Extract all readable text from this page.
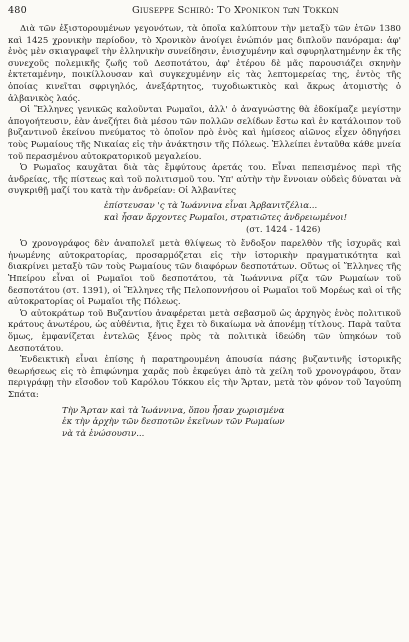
480	Giuseppe Schirò: Τὸ Χρονικὸν τῶν Τόκκων

Διὰ τῶν ἐξιστορουμένων γεγονότων, τὰ ὁποῖα καλύπτουν τὴν μεταξὺ τῶν ἐτῶν 1380 καὶ 1425 χρονικὴν περίοδον, τὸ Χρονικὸν ἀνοίγει ἐνώπιόν μας διπλοῦν πανόραμα: ἀφ' ἑνὸς μὲν σκιαγραφεῖ τὴν ἑλληνικὴν συνείδησιν, ἐνισχυμένην καὶ σφυρηλατημένην ἐκ τῆς συνεχοῦς πολεμικῆς ζωῆς τοῦ Δεσποτάτου, ἀφ' ἑτέρου δὲ μᾶς παρουσιάζει σκηνὴν ἐκτεταμένην, ποικίλλουσαν καὶ συγκεχυμένην εἰς τὰς λεπτομερείας της, ἐντὸς τῆς ὁποίας κινεῖται σφριγηλός, ἀνεξάρτητος, τυχοδιωκτικὸς καὶ ἄκρως ἀτομιστὴς ὁ ἀλβανικὸς λαός.

Οἱ Ἕλληνες γενικῶς καλοῦνται Ρωμαῖοι, ἀλλ' ὁ ἀναγνώστης θὰ ἐδοκίμαζε μεγίστην ἀπογοήτευσιν, ἐὰν ἀνεζήτει διὰ μέσου τῶν πολλῶν σελίδων ἔστω καὶ ἐν κατάλοιπον τοῦ βυζαντινοῦ ἐκείνου πνεύματος τὸ ὁποῖον πρὸ ἑνὸς καὶ ἡμίσεος αἰῶνος εἶχεν ὁδηγήσει τοὺς Ρωμαίους τῆς Νικαίας εἰς τὴν ἀνάκτησιν τῆς Πόλεως. Ἑλλείπει ἐνταῦθα κάθε μνεία τοῦ περασμένου αὐτοκρατορικοῦ μεγαλείου.

Ὁ Ρωμαῖος καυχᾶται διὰ τὰς ἔμφύτους ἀρετάς του. Εἶναι πεπεισμένος περὶ τῆς ἀνδρείας, τῆς πίστεως καὶ τοῦ πολιτισμοῦ του. Ὑπ' αὐτὴν τὴν ἔννοιαν οὐδεὶς δύναται νὰ συγκριθῇ μαζί του κατὰ τὴν ἀνδρείαν: Οἱ Ἀλβανίτες

ἐπίστευσαν 'ς τὰ Ἰωάννινα εἶναι Ἀρβανιτζέλια...
καὶ ἦσαν ἄρχοντες Ρωμαῖοι, στρατιῶτες ἀνδρειωμένοι!
(στ. 1424 - 1426)

Ὁ χρονογράφος δὲν ἀναπολεῖ μετὰ θλίψεως τὸ ἔνδοξον παρελθὸν τῆς ἰσχυρᾶς καὶ ἡνωμένης αὐτοκρατορίας, προσαρμόζεται εἰς τὴν ἱστορικὴν πραγματικότητα καὶ διακρίνει μεταξὺ τῶν τοὺς Ρωμαίους τῶν διαφόρων δεσποτάτων. Οὕτως οἱ Ἕλληνες τῆς Ἠπείρου εἶναι οἱ Ρωμαῖοι τοῦ δεσποτάτου, τὰ Ἰωάννινα ρίζα τῶν Ρωμαίων τοῦ δεσποτάτου (στ. 1391), οἱ Ἕλληνες τῆς Πελοποννήσου οἱ Ρωμαῖοι τοῦ Μορέως καὶ οἱ τῆς αὐτοκρατορίας οἱ Ρωμαῖοι τῆς Πόλεως.

Ὁ αὐτοκράτωρ τοῦ Βυζαντίου ἀναφέρεται μετὰ σεβασμοῦ ὡς ἀρχηγὸς ἑνὸς πολιτικοῦ κράτους ἀνωτέρου, ὡς αὐθέντια, ἥτις ἔχει τὸ δικαίωμα νὰ ἀπονέμῃ τίτλους. Παρὰ ταῦτα ὅμως, ἐμφανίζεται ἐντελῶς ξένος πρὸς τὰ πολιτικὰ ἰδεώδη τῶν ὑπηκόων τοῦ Δεσποτάτου.

Ἐνδεικτικὴ εἶναι ἐπίσης ἡ παρατηρουμένη ἀπουσία πάσης βυζαντινῆς ἱστορικῆς θεωρήσεως εἰς τὸ ἐπιφώνημα χαρᾶς ποὺ ἐκφεύγει ἀπὸ τὰ χείλη τοῦ χρονογράφου, ὅταν περιγράφῃ τὴν εἴσοδον τοῦ Καρόλου Τόκκου εἰς τὴν Ἄρταν, μετὰ τὸν φόνον τοῦ Ἰαγούπη Σπάτα:

Τὴν Ἄρταν καὶ τὰ Ἰωάννινα, ὅπου ἦσαν χωρισμένα
ἐκ τὴν ἀρχὴν τῶν δεσποτῶν ἐκεῖνων τῶν Ρωμαίων
νὰ τὰ ἑνώσουσιν...
